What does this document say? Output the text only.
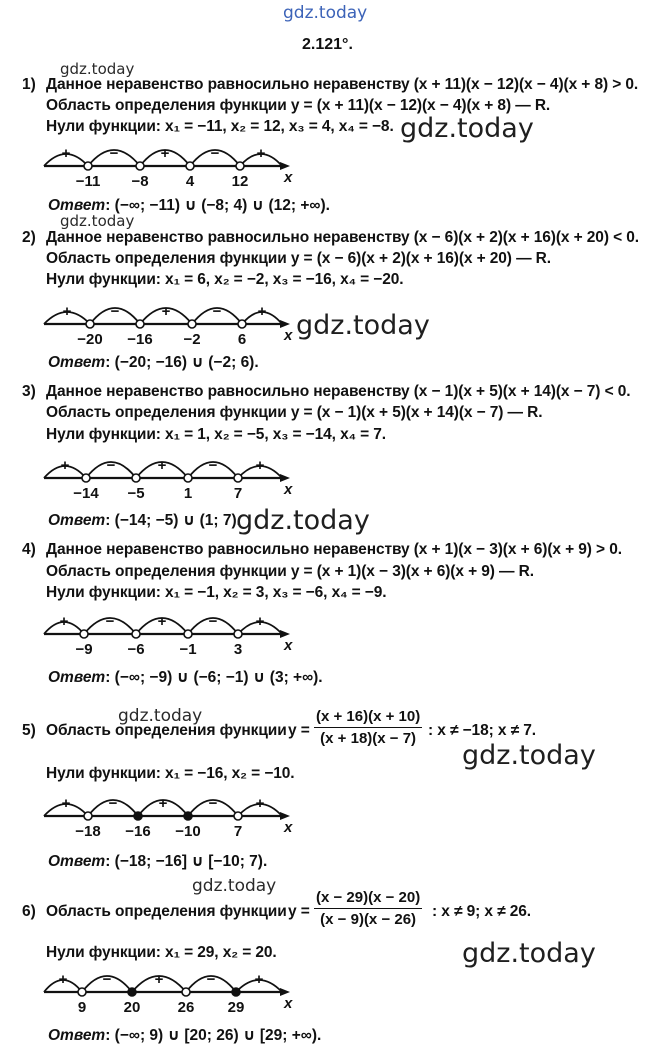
gdz.today
2.121°.
gdz.today
1) Данное неравенство равносильно неравенству (x + 11)(x − 12)(x − 4)(x + 8) > 0.
Область определения функции y = (x + 11)(x − 12)(x − 4)(x + 8) — R.
Нули функции: x₁ = −11, x₂ = 12, x₃ = 4, x₄ = −8. gdz.today
+	−	+	− +
−11 −8 4 12 x
Ответ: (−∞; −11) ∪ (−8; 4) ∪ (12; +∞).
gdz.today
2) Данное неравенство равносильно неравенству (x − 6)(x + 2)(x + 16)(x + 20) < 0.
Область определения функции y = (x − 6)(x + 2)(x + 16)(x + 20) — R.
Нули функции: x₁ = 6, x₂ = −2, x₃ = −16, x₄ = −20.
+	−	+	− +
−20 −16 −2 6	x gdz.today
Ответ: (−20; −16) ∪ (−2; 6).
3) Данное неравенство равносильно неравенству (x − 1)(x + 5)(x + 14)(x − 7) < 0.
Область определения функции y = (x − 1)(x + 5)(x + 14)(x − 7) — R.
Нули функции: x₁ = 1, x₂ = −5, x₃ = −14, x₄ = 7.
+ −	+	−	+
−14 −5	1	7	x
Ответ: (−14; −5) ∪ (1; 7).
gdz.today
4) Данное неравенство равносильно неравенству (x + 1)(x − 3)(x + 6)(x + 9) > 0.
Область определения функции y = (x + 1)(x − 3)(x + 6)(x + 9) — R.
Нули функции: x₁ = −1, x₂ = 3, x₃ = −6, x₄ = −9.
+ −	+	−	+
−9 −6 −1 3	x
Ответ: (−∞; −9) ∪ (−6; −1) ∪ (3; +∞).
gdz.today
5) Область определения функции $y = \frac{(x + 16)(x + 10)}{(x + 18)(x - 7)}$ : x ≠ −18; x ≠ 7.
gdz.today
Нули функции: x₁ = −16, x₂ = −10.
+	−	+	−	+
−18 −16 −10 7	x
Ответ: (−18; −16] ∪ [−10; 7).
gdz.today
6) Область определения функции $y = \frac{(x - 29)(x - 20)}{(x - 9)(x - 26)}$ : x ≠ 9; x ≠ 26.
gdz.today
Нули функции: x₁ = 29, x₂ = 20.
+ −	+	−	+
9 20 26 29	x
Ответ: (−∞; 9) ∪ [20; 26) ∪ [29; +∞).
